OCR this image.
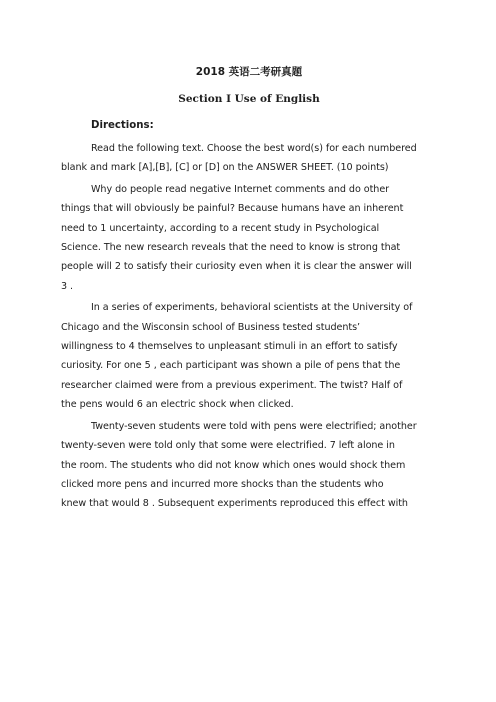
2018 英语二考研真题
Section I Use of English
Directions:
Read the following text. Choose the best word(s) for each numbered
blank and mark [A],[B], [C] or [D] on the ANSWER SHEET. (10 points)
Why do people read negative Internet comments and do other
things that will obviously be painful? Because humans have an inherent
need to 1 uncertainty, according to a recent study in Psychological
Science. The new research reveals that the need to know is strong that
people will 2 to satisfy their curiosity even when it is clear the answer will
3 .
In a series of experiments, behavioral scientists at the University of
Chicago and the Wisconsin school of Business tested students’
willingness to 4 themselves to unpleasant stimuli in an effort to satisfy
curiosity. For one 5 , each participant was shown a pile of pens that the
researcher claimed were from a previous experiment. The twist? Half of
the pens would 6 an electric shock when clicked.
Twenty-seven students were told with pens were electrified; another
twenty-seven were told only that some were electrified. 7 left alone in
the room. The students who did not know which ones would shock them
clicked more pens and incurred more shocks than the students who
knew that would 8 . Subsequent experiments reproduced this effect with
